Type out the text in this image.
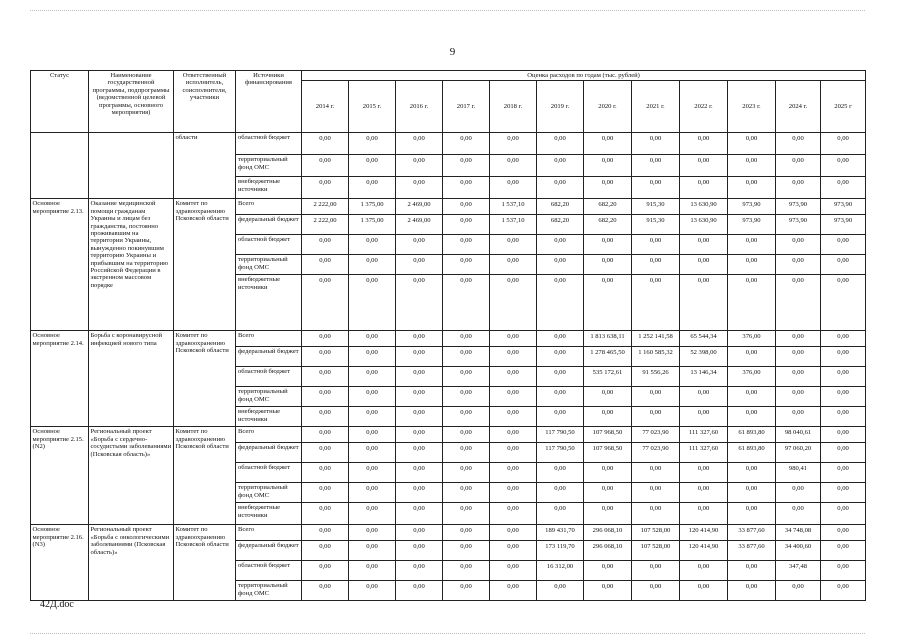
9
Статус	Наименование государственной программы, подпрограммы (ведомственной целевой программы, основного мероприятия)	Ответственный исполнитель, соисполнители, участники	Источники финансирования	Оценка расходов по годам (тыс. рублей)											
				2014 г.	2015 г.	2016 г.	2017 г.	2018 г.	2019 г.	2020 г.	2021 г.	2022 г.	2023 г.	2024 г.	2025 г
		области	областной бюджет	0,00	0,00	0,00	0,00	0,00	0,00	0,00	0,00	0,00	0,00	0,00	0,00
			территориальный фонд ОМС	0,00	0,00	0,00	0,00	0,00	0,00	0,00	0,00	0,00	0,00	0,00	0,00
			внебюджетные источники	0,00	0,00	0,00	0,00	0,00	0,00	0,00	0,00	0,00	0,00	0,00	0,00
Основное мероприятие 2.13.	Оказание медицинской помощи гражданам Украины и лицам без гражданства, постоянно проживавшим на территории Украины, вынужденно покинувшим территорию Украины и прибывшим на территорию Российской Федерации в экстренном массовом порядке	Комитет по здравоохранению Псковской области	Всего	2 222,00	1 375,00	2 469,00	0,00	1 537,10	682,20	682,20	915,30	13 630,90	973,90	973,90	973,90
			федеральный бюджет	2 222,00	1 375,00	2 469,00	0,00	1 537,10	682,20	682,20	915,30	13 630,90	973,90	973,90	973,90
			областной бюджет	0,00	0,00	0,00	0,00	0,00	0,00	0,00	0,00	0,00	0,00	0,00	0,00
			территориальный фонд ОМС	0,00	0,00	0,00	0,00	0,00	0,00	0,00	0,00	0,00	0,00	0,00	0,00
			внебюджетные источники	0,00	0,00	0,00	0,00	0,00	0,00	0,00	0,00	0,00	0,00	0,00	0,00
Основное мероприятие 2.14.	Борьба с коронавирусной инфекцией нового типа	Комитет по здравоохранению Псковской области	Всего	0,00	0,00	0,00	0,00	0,00	0,00	1 813 638,11	1 252 141,58	65 544,34	376,00	0,00	0,00
			федеральный бюджет	0,00	0,00	0,00	0,00	0,00	0,00	1 278 465,50	1 160 585,32	52 398,00	0,00	0,00	0,00
			областной бюджет	0,00	0,00	0,00	0,00	0,00	0,00	535 172,61	91 556,26	13 146,34	376,00	0,00	0,00
			территориальный фонд ОМС	0,00	0,00	0,00	0,00	0,00	0,00	0,00	0,00	0,00	0,00	0,00	0,00
			внебюджетные источники	0,00	0,00	0,00	0,00	0,00	0,00	0,00	0,00	0,00	0,00	0,00	0,00
Основное мероприятие 2.15. (N2)	Региональный проект «Борьба с сердечно-сосудистыми заболеваниями (Псковская область)»	Комитет по здравоохранению Псковской области	Всего	0,00	0,00	0,00	0,00	0,00	117 790,50	107 968,50	77 023,90	111 327,60	61 893,80	98 040,61	0,00
			федеральный бюджет	0,00	0,00	0,00	0,00	0,00	117 790,50	107 968,50	77 023,90	111 327,60	61 893,80	97 060,20	0,00
			областной бюджет	0,00	0,00	0,00	0,00	0,00	0,00	0,00	0,00	0,00	0,00	980,41	0,00
			территориальный фонд ОМС	0,00	0,00	0,00	0,00	0,00	0,00	0,00	0,00	0,00	0,00	0,00	0,00
			внебюджетные источники	0,00	0,00	0,00	0,00	0,00	0,00	0,00	0,00	0,00	0,00	0,00	0,00
Основное мероприятие 2.16. (N3)	Региональный проект «Борьба с онкологическими заболеваниями (Псковская область)»	Комитет по здравоохранению Псковской области	Всего	0,00	0,00	0,00	0,00	0,00	189 431,70	296 068,10	107 528,00	120 414,90	33 877,60	34 748,08	0,00
			федеральный бюджет	0,00	0,00	0,00	0,00	0,00	173 119,70	296 068,10	107 528,00	120 414,90	33 877,60	34 400,60	0,00
			областной бюджет	0,00	0,00	0,00	0,00	0,00	16 312,00	0,00	0,00	0,00	0,00	347,48	0,00
			территориальный фонд ОМС	0,00	0,00	0,00	0,00	0,00	0,00	0,00	0,00	0,00	0,00	0,00	0,00
42Д.doc
